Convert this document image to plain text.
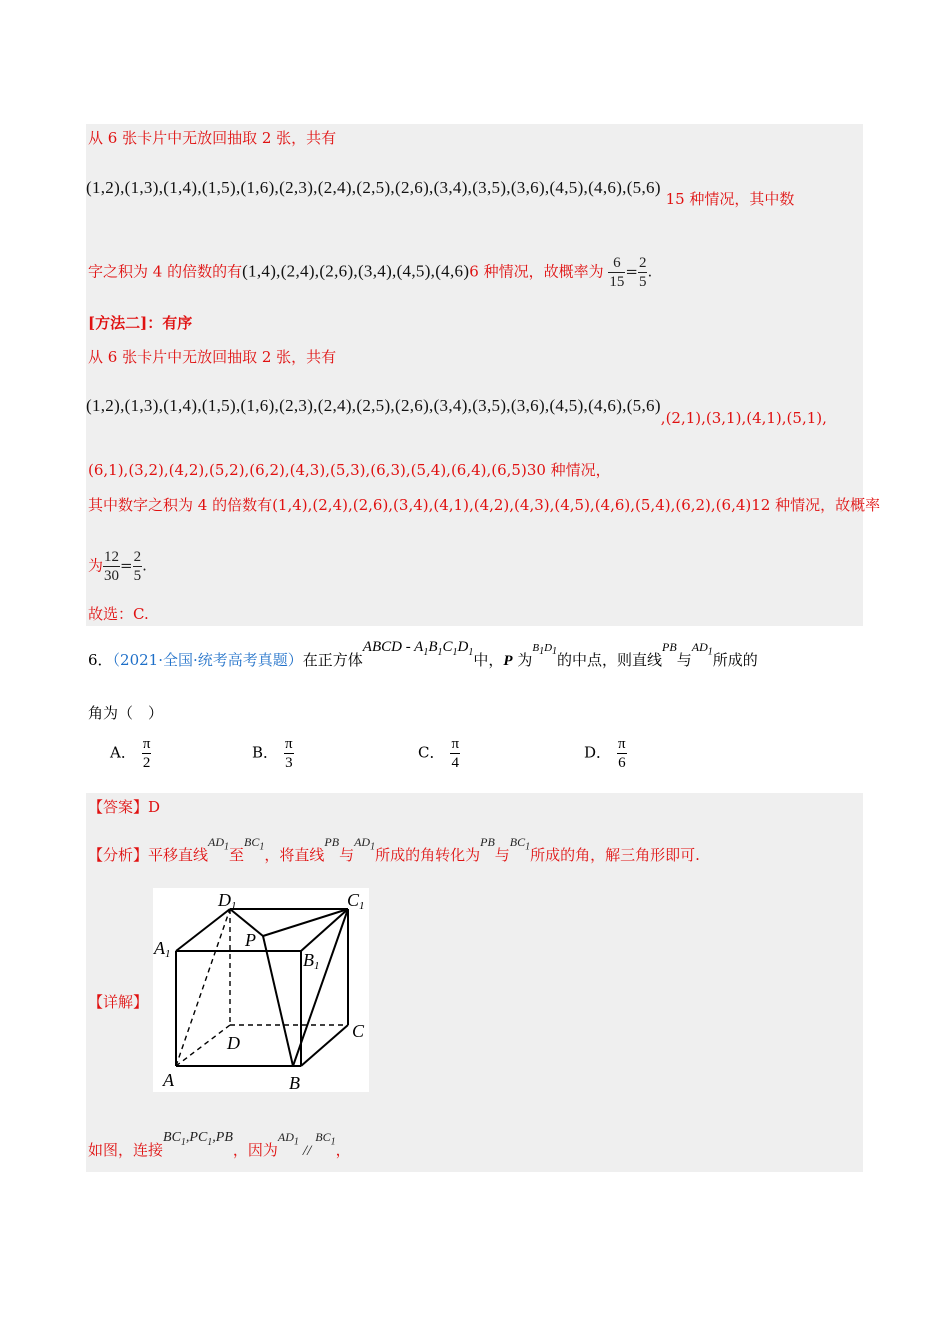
从 6 张卡片中无放回抽取 2 张，共有
(1,2),(1,3),(1,4),(1,5),(1,6),(2,3),(2,4),(2,5),(2,6),(3,4),(3,5),(3,6),(4,5),(4,6),(5,6) 15 种情况，其中数
字之积为 4 的倍数的有(1,4),(2,4),(2,6),(3,4),(4,5),(4,6)6 种情况，故概率为 $\frac{6}{15} = \frac{2}{5}$ .
[方法二]：有序
从 6 张卡片中无放回抽取 2 张，共有
(1,2),(1,3),(1,4),(1,5),(1,6),(2,3),(2,4),(2,5),(2,6),(3,4),(3,5),(3,6),(4,5),(4,6),(5,6),(2,1),(3,1),(4,1),(5,1),
(6,1),(3,2),(4,2),(5,2),(6,2),(4,3),(5,3),(6,3),(5,4),(6,4),(6,5)30 种情况，
其中数字之积为 4 的倍数有(1,4),(2,4),(2,6),(3,4),(4,1),(4,2),(4,3),(4,5),(4,6),(5,4),(6,2),(6,4)12 种情况，故概率
为 $\frac{12}{30} = \frac{2}{5}$ .
故选：C.
6．（2021·全国·统考高考真题）在正方体ABCD - $A_1B_1C_1D_1$中，P 为$^{B_1D_1}$的中点，则直线$^{PB}$与$^{AD_1}$所成的
角为（　）
A． $\frac{\pi}{2}$	B． $\frac{\pi}{3}$	C． $\frac{\pi}{4}$	D． $\frac{\pi}{6}$
【答案】D
【分析】平移直线$^{AD_1}$至$^{BC_1}$，将直线$^{PB}$与$^{AD_1}$所成的角转化为$^{PB}$与$^{BC_1}$所成的角，解三角形即可.
【详解】
D1	C1
A1	B1
P
C
D
A	B
如图，连接$BC_1,PC_1,PB$，因为$^{AD_1}$//$^{BC_1}$，
